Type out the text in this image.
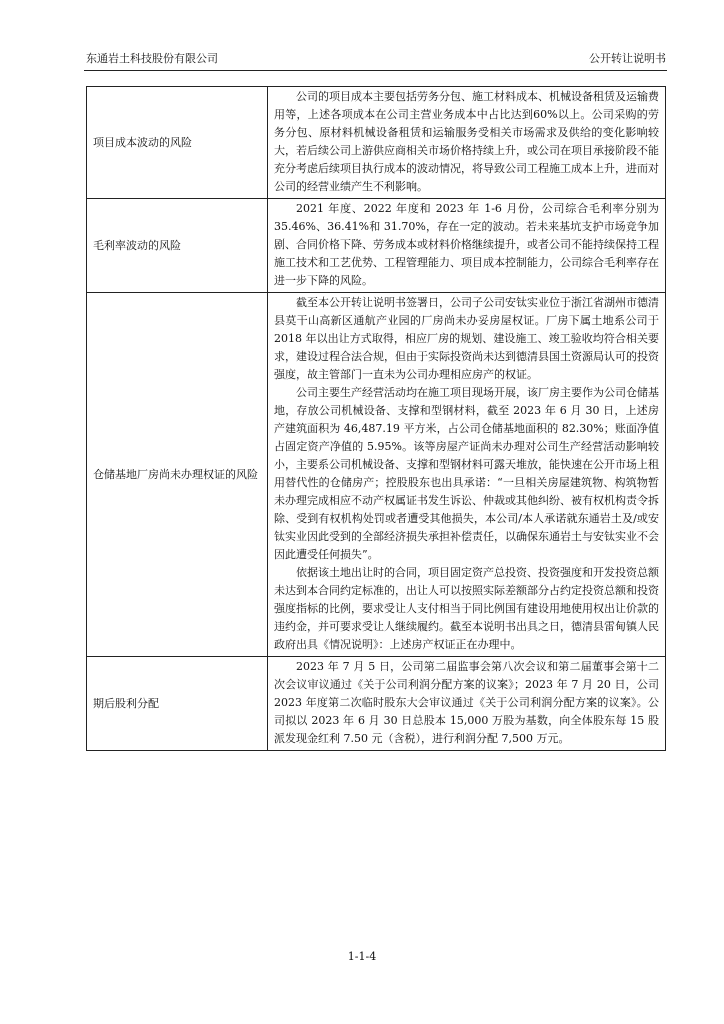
东通岩土科技股份有限公司	公开转让说明书
项目成本波动的风险	公司的项目成本主要包括劳务分包、施工材料成本、机械设备租赁及运输费用等，上述各项成本在公司主营业务成本中占比达到60%以上。公司采购的劳务分包、原材料机械设备租赁和运输服务受相关市场需求及供给的变化影响较大，若后续公司上游供应商相关市场价格持续上升，或公司在项目承接阶段不能充分考虑后续项目执行成本的波动情况，将导致公司工程施工成本上升，进而对公司的经营业绩产生不利影响。

毛利率波动的风险	2021 年度、2022 年度和 2023 年 1-6 月份，公司综合毛利率分别为 35.46%、36.41%和 31.70%，存在一定的波动。若未来基坑支护市场竞争加剧、合同价格下降、劳务成本或材料价格继续提升，或者公司不能持续保持工程施工技术和工艺优势、工程管理能力、项目成本控制能力，公司综合毛利率存在进一步下降的风险。

仓储基地厂房尚未办理权证的风险	截至本公开转让说明书签署日，公司子公司安钛实业位于浙江省湖州市德清县莫干山高新区通航产业园的厂房尚未办妥房屋权证。厂房下属土地系公司于 2018 年以出让方式取得，相应厂房的规划、建设施工、竣工验收均符合相关要求，建设过程合法合规，但由于实际投资尚未达到德清县国土资源局认可的投资强度，故主管部门一直未为公司办理相应房产的权证。

公司主要生产经营活动均在施工项目现场开展，该厂房主要作为公司仓储基地，存放公司机械设备、支撑和型钢材料，截至 2023 年 6 月 30 日，上述房产建筑面积为 46,487.19 平方米，占公司仓储基地面积的 82.30%；账面净值占固定资产净值的 5.95%。该等房屋产证尚未办理对公司生产经营活动影响较小，主要系公司机械设备、支撑和型钢材料可露天堆放，能快速在公开市场上租用替代性的仓储房产；控股股东也出具承诺：“一旦相关房屋建筑物、构筑物暂未办理完成相应不动产权属证书发生诉讼、仲裁或其他纠纷、被有权机构责令拆除、受到有权机构处罚或者遭受其他损失，本公司/本人承诺就东通岩土及/或安钛实业因此受到的全部经济损失承担补偿责任，以确保东通岩土与安钛实业不会因此遭受任何损失”。

依据该土地出让时的合同，项目固定资产总投资、投资强度和开发投资总额未达到本合同约定标准的，出让人可以按照实际差额部分占约定投资总额和投资强度指标的比例，要求受让人支付相当于同比例国有建设用地使用权出让价款的违约金，并可要求受让人继续履约。截至本说明书出具之日，德清县雷甸镇人民政府出具《情况说明》：上述房产权证正在办理中。

期后股利分配	2023 年 7 月 5 日，公司第二届监事会第八次会议和第二届董事会第十二次会议审议通过《关于公司利润分配方案的议案》；2023 年 7 月 20 日，公司 2023 年度第二次临时股东大会审议通过《关于公司利润分配方案的议案》。公司拟以 2023 年 6 月 30 日总股本 15,000 万股为基数，向全体股东每 15 股派发现金红利 7.50 元（含税），进行利润分配 7,500 万元。

1-1-4
